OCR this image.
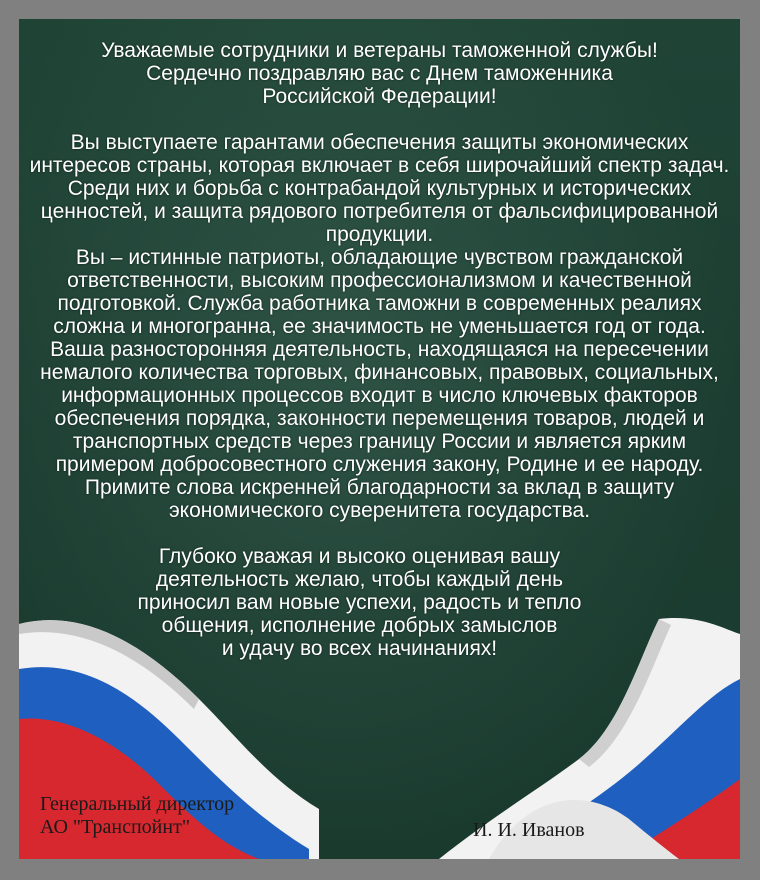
Уважаемые сотрудники и ветераны таможенной службы!

Сердечно поздравляю вас с Днем таможенника

Российской Федерации!

Вы выступаете гарантами обеспечения защиты экономических интересов страны, которая включает в себя широчайший спектр задач. Среди них и борьба с контрабандой культурных и исторических ценностей, и защита рядового потребителя от фальсифицированной продукции.

Вы – истинные патриоты, обладающие чувством гражданской ответственности, высоким профессионализмом и качественной подготовкой. Служба работника таможни в современных реалиях сложна и многогранна, ее значимость не уменьшается год от года. Ваша разносторонняя деятельность, находящаяся на пересечении немалого количества торговых, финансовых, правовых, социальных, информационных процессов входит в число ключевых факторов обеспечения порядка, законности перемещения товаров, людей и транспортных средств через границу России и является ярким примером добросовестного служения закону, Родине и ее народу. Примите слова искренней благодарности за вклад в защиту экономического суверенитета государства.

Глубоко уважая и высоко оценивая вашу
деятельность желаю, чтобы каждый день
приносил вам новые успехи, радость и тепло
общения, исполнение добрых замыслов
и удачу во всех начинаниях!

Генеральный директор
АО "Транспойнт"	И. И. Иванов
